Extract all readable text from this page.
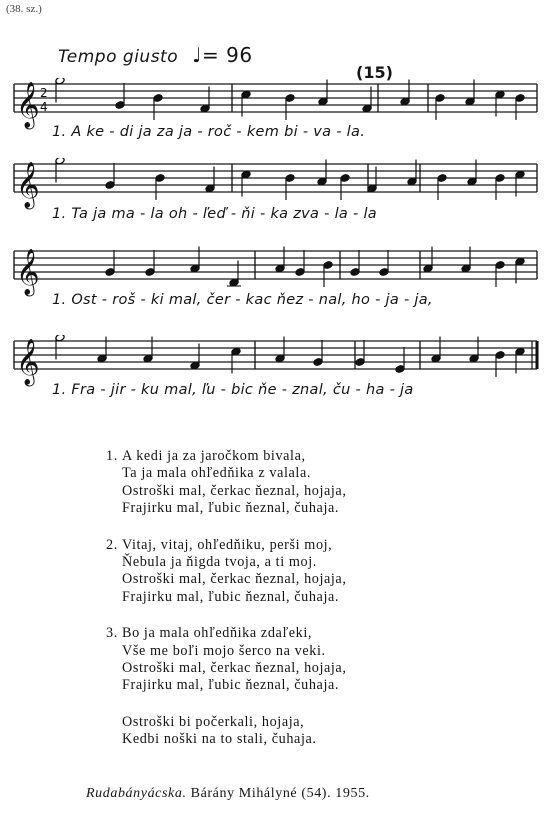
(38. sz.)
Tempo giusto ♩= 96
(15)
𝄞 2
4
1. A ke - di ja za ja - roč - kem bi - va - la.
𝄞
1. Ta ja ma - la oh - ľeď - ňi - ka zva - la - la
𝄞
1. Ost - roš - ki mal, čer - kac ňez - nal, ho - ja - ja,
𝄞
1. Fra - jir - ku mal, ľu - bic ňe - znal, ču - ha - ja
1. A kedi ja za jaročkom bivala,
Ta ja mala ohľedňika z valala.
Ostroški mal, čerkac ňeznal, hojaja,
Frajirku mal, ľubic ňeznal, čuhaja.
2. Vitaj, vitaj, ohľedňiku, perši moj,
Ňebula ja ňigda tvoja, a ti moj.
Ostroški mal, čerkac ňeznal, hojaja,
Frajirku mal, ľubic ňeznal, čuhaja.
3. Bo ja mala ohľedňika zdaľeki,
Vše me boľi mojo šerco na veki.
Ostroški mal, čerkac ňeznal, hojaja,
Frajirku mal, ľubic ňeznal, čuhaja.
Ostroški bi počerkali, hojaja,
Kedbi noški na to stali, čuhaja.
Rudabányácska. Bárány Mihályné (54). 1955.
